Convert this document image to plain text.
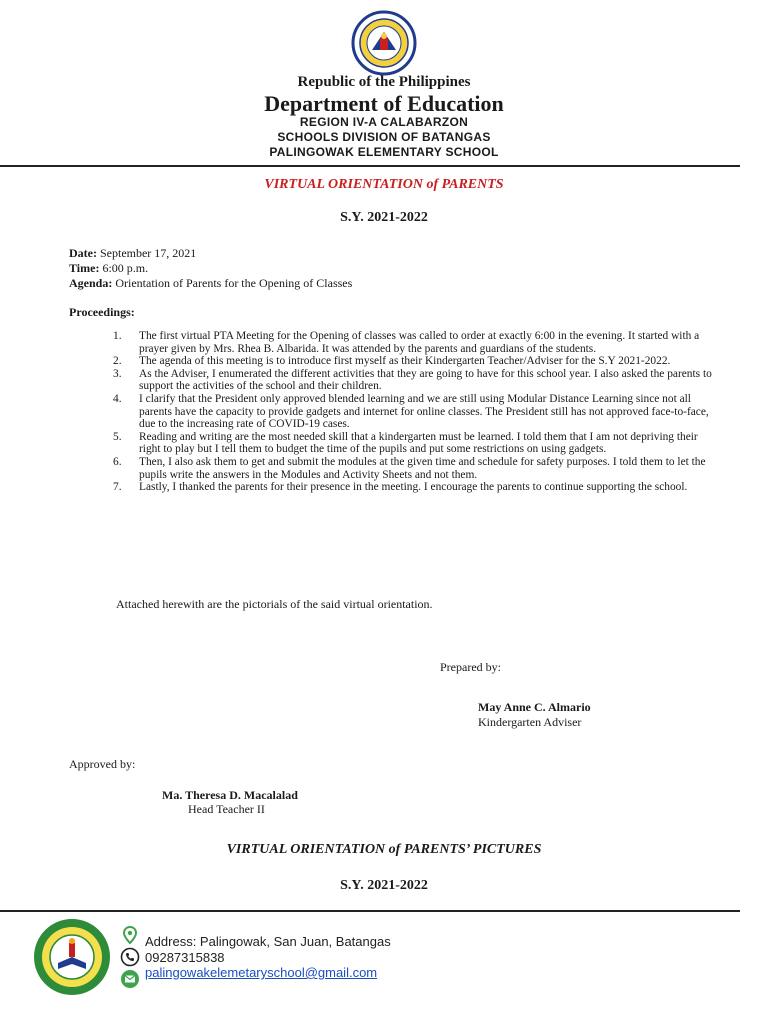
Republic of the Philippines
Department of Education
REGION IV-A CALABARZON
SCHOOLS DIVISION OF BATANGAS
PALINGOWAK ELEMENTARY SCHOOL
VIRTUAL ORIENTATION of PARENTS
S.Y. 2021-2022
Date: September 17, 2021
Time: 6:00 p.m.
Agenda: Orientation of Parents for the Opening of Classes
Proceedings:
1. The first virtual PTA Meeting for the Opening of classes was called to order at exactly 6:00 in the evening. It started with a prayer given by Mrs. Rhea B. Albarida. It was attended by the parents and guardians of the students.
2. The agenda of this meeting is to introduce first myself as their Kindergarten Teacher/Adviser for the S.Y 2021-2022.
3. As the Adviser, I enumerated the different activities that they are going to have for this school year. I also asked the parents to support the activities of the school and their children.
4. I clarify that the President only approved blended learning and we are still using Modular Distance Learning since not all parents have the capacity to provide gadgets and internet for online classes. The President still has not approved face-to-face, due to the increasing rate of COVID-19 cases.
5. Reading and writing are the most needed skill that a kindergarten must be learned. I told them that I am not depriving their right to play but I tell them to budget the time of the pupils and put some restrictions on using gadgets.
6. Then, I also ask them to get and submit the modules at the given time and schedule for safety purposes. I told them to let the pupils write the answers in the Modules and Activity Sheets and not them.
7. Lastly, I thanked the parents for their presence in the meeting. I encourage the parents to continue supporting the school.
Attached herewith are the pictorials of the said virtual orientation.
Prepared by:
May Anne C. Almario
Kindergarten Adviser
Approved by:
Ma. Theresa D. Macalalad
Head Teacher II
VIRTUAL ORIENTATION of PARENTS’ PICTURES
S.Y. 2021-2022
Address: Palingowak, San Juan, Batangas
09287315838
palingowakelemetaryschool@gmail.com
